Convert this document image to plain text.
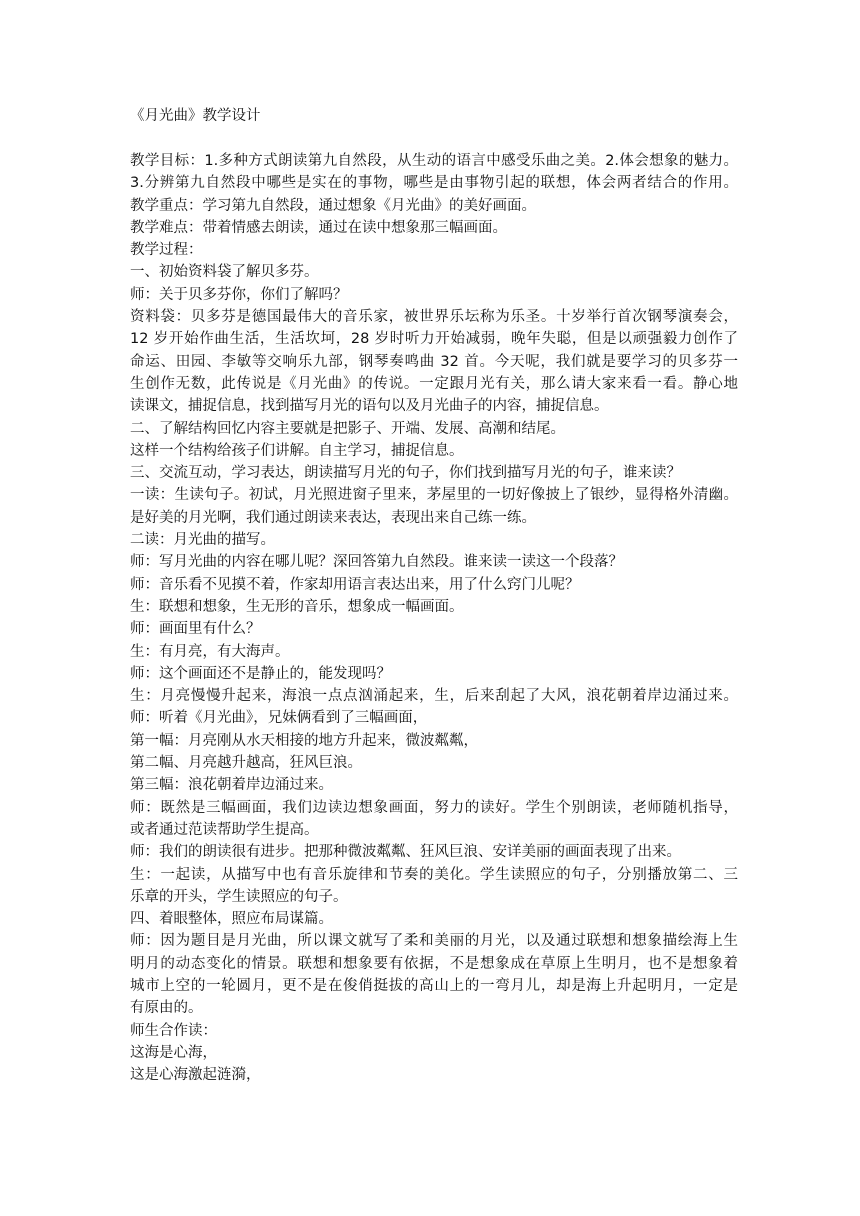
《月光曲》教学设计
教学目标：1.多种方式朗读第九自然段，从生动的语言中感受乐曲之美。2.体会想象的魅力。
3.分辨第九自然段中哪些是实在的事物，哪些是由事物引起的联想，体会两者结合的作用。
教学重点：学习第九自然段，通过想象《月光曲》的美好画面。
教学难点：带着情感去朗读，通过在读中想象那三幅画面。
教学过程：
一、初始资料袋了解贝多芬。
师：关于贝多芬你，你们了解吗？
资料袋：贝多芬是德国最伟大的音乐家，被世界乐坛称为乐圣。十岁举行首次钢琴演奏会，
12 岁开始作曲生活，生活坎坷，28 岁时听力开始减弱，晚年失聪，但是以顽强毅力创作了
命运、田园、李敏等交响乐九部，钢琴奏鸣曲 32 首。今天呢，我们就是要学习的贝多芬一
生创作无数，此传说是《月光曲》的传说。一定跟月光有关，那么请大家来看一看。静心地
读课文，捕捉信息，找到描写月光的语句以及月光曲子的内容，捕捉信息。
二、了解结构回忆内容主要就是把影子、开端、发展、高潮和结尾。
这样一个结构给孩子们讲解。自主学习，捕捉信息。
三、交流互动，学习表达，朗读描写月光的句子，你们找到描写月光的句子，谁来读？
一读：生读句子。初试，月光照进窗子里来，茅屋里的一切好像披上了银纱，显得格外清幽。
是好美的月光啊，我们通过朗读来表达，表现出来自己练一练。
二读：月光曲的描写。
师：写月光曲的内容在哪儿呢？深回答第九自然段。谁来读一读这一个段落？
师：音乐看不见摸不着，作家却用语言表达出来，用了什么窍门儿呢？
生：联想和想象，生无形的音乐，想象成一幅画面。
师：画面里有什么？
生：有月亮，有大海声。
师：这个画面还不是静止的，能发现吗？
生：月亮慢慢升起来，海浪一点点汹涌起来，生，后来刮起了大风，浪花朝着岸边涌过来。
师：听着《月光曲》，兄妹俩看到了三幅画面，
第一幅：月亮刚从水天相接的地方升起来，微波粼粼，
第二幅、月亮越升越高，狂风巨浪。
第三幅：浪花朝着岸边涌过来。
师：既然是三幅画面，我们边读边想象画面，努力的读好。学生个别朗读，老师随机指导，
或者通过范读帮助学生提高。
师：我们的朗读很有进步。把那种微波粼粼、狂风巨浪、安详美丽的画面表现了出来。
生：一起读，从描写中也有音乐旋律和节奏的美化。学生读照应的句子，分别播放第二、三
乐章的开头，学生读照应的句子。
四、着眼整体，照应布局谋篇。
师：因为题目是月光曲，所以课文就写了柔和美丽的月光，以及通过联想和想象描绘海上生
明月的动态变化的情景。联想和想象要有依据，不是想象成在草原上生明月，也不是想象着
城市上空的一轮圆月，更不是在俊俏挺拔的高山上的一弯月儿，却是海上升起明月，一定是
有原由的。
师生合作读：
这海是心海，
这是心海激起涟漪，
